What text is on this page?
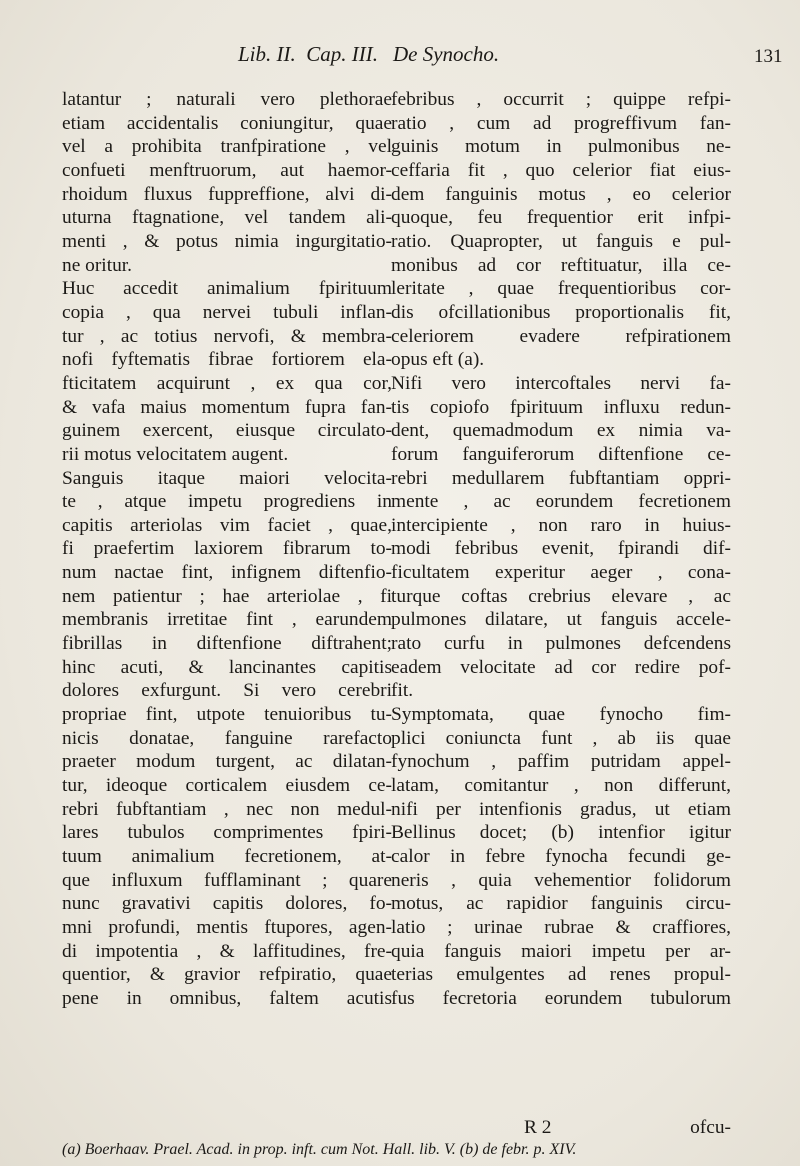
Lib. II.  Cap. III. De Synocho.	131

latantur ; naturali vero plethorae

etiam accidentalis coniungitur, quae

vel a prohibita tranfpiratione , vel

confueti menftruorum, aut haemor-

rhoidum fluxus fuppreffione, alvi di-

uturna ftagnatione, vel tandem ali-

menti , & potus nimia ingurgitatio-

ne oritur.

Huc accedit animalium fpirituum

copia , qua nervei tubuli inflan-

tur , ac totius nervofi, & membra-

nofi fyftematis fibrae fortiorem ela-

fticitatem acquirunt , ex qua cor,

& vafa maius momentum fupra fan-

guinem exercent, eiusque circulato-

rii motus velocitatem augent.

Sanguis itaque maiori velocita-

te , atque impetu progrediens in

capitis arteriolas vim faciet , quae,

fi praefertim laxiorem fibrarum to-

num nactae fint, infignem diftenfio-

nem patientur ; hae arteriolae , fi

membranis irretitae fint , earundem

fibrillas in diftenfione diftrahent;

hinc acuti, & lancinantes capitis

dolores exfurgunt. Si vero cerebri

propriae fint, utpote tenuioribus tu-

nicis donatae, fanguine rarefacto

praeter modum turgent, ac dilatan-

tur, ideoque corticalem eiusdem ce-

rebri fubftantiam , nec non medul-

lares tubulos comprimentes fpiri-

tuum animalium fecretionem, at-

que influxum fufflaminant ; quare

nunc gravativi capitis dolores, fo-

mni profundi, mentis ftupores, agen-

di impotentia , & laffitudines, fre-

quentior, & gravior refpiratio, quae

pene in omnibus, faltem acutis

febribus , occurrit ; quippe refpi-

ratio , cum ad progreffivum fan-

guinis motum in pulmonibus ne-

ceffaria fit , quo celerior fiat eius-

dem fanguinis motus , eo celerior

quoque, feu frequentior erit infpi-

ratio. Quapropter, ut fanguis e pul-

monibus ad cor reftituatur, illa ce-

leritate , quae frequentioribus cor-

dis ofcillationibus proportionalis fit,

celeriorem evadere refpirationem

opus eft (a).

Nifi vero intercoftales nervi fa-

tis copiofo fpirituum influxu redun-

dent, quemadmodum ex nimia va-

forum fanguiferorum diftenfione ce-

rebri medullarem fubftantiam oppri-

mente , ac eorundem fecretionem

intercipiente , non raro in huius-

modi febribus evenit, fpirandi dif-

ficultatem experitur aeger , cona-

turque coftas crebrius elevare , ac

pulmones dilatare, ut fanguis accele-

rato curfu in pulmones defcendens

eadem velocitate ad cor redire pof-

fit.

Symptomata, quae fynocho fim-

plici coniuncta funt , ab iis quae

fynochum , paffim putridam appel-

latam, comitantur , non differunt,

nifi per intenfionis gradus, ut etiam

Bellinus docet; (b) intenfior igitur

calor in febre fynocha fecundi ge-

neris , quia vehementior folidorum

motus, ac rapidior fanguinis circu-

latio ; urinae rubrae & craffiores,

quia fanguis maiori impetu per ar-

terias emulgentes ad renes propul-

fus fecretoria eorundem tubulorum

R 2	ofcu-
(a) Boerhaav. Prael. Acad. in prop. inft. cum Not. Hall. lib. V. (b) de febr. p. XIV.
